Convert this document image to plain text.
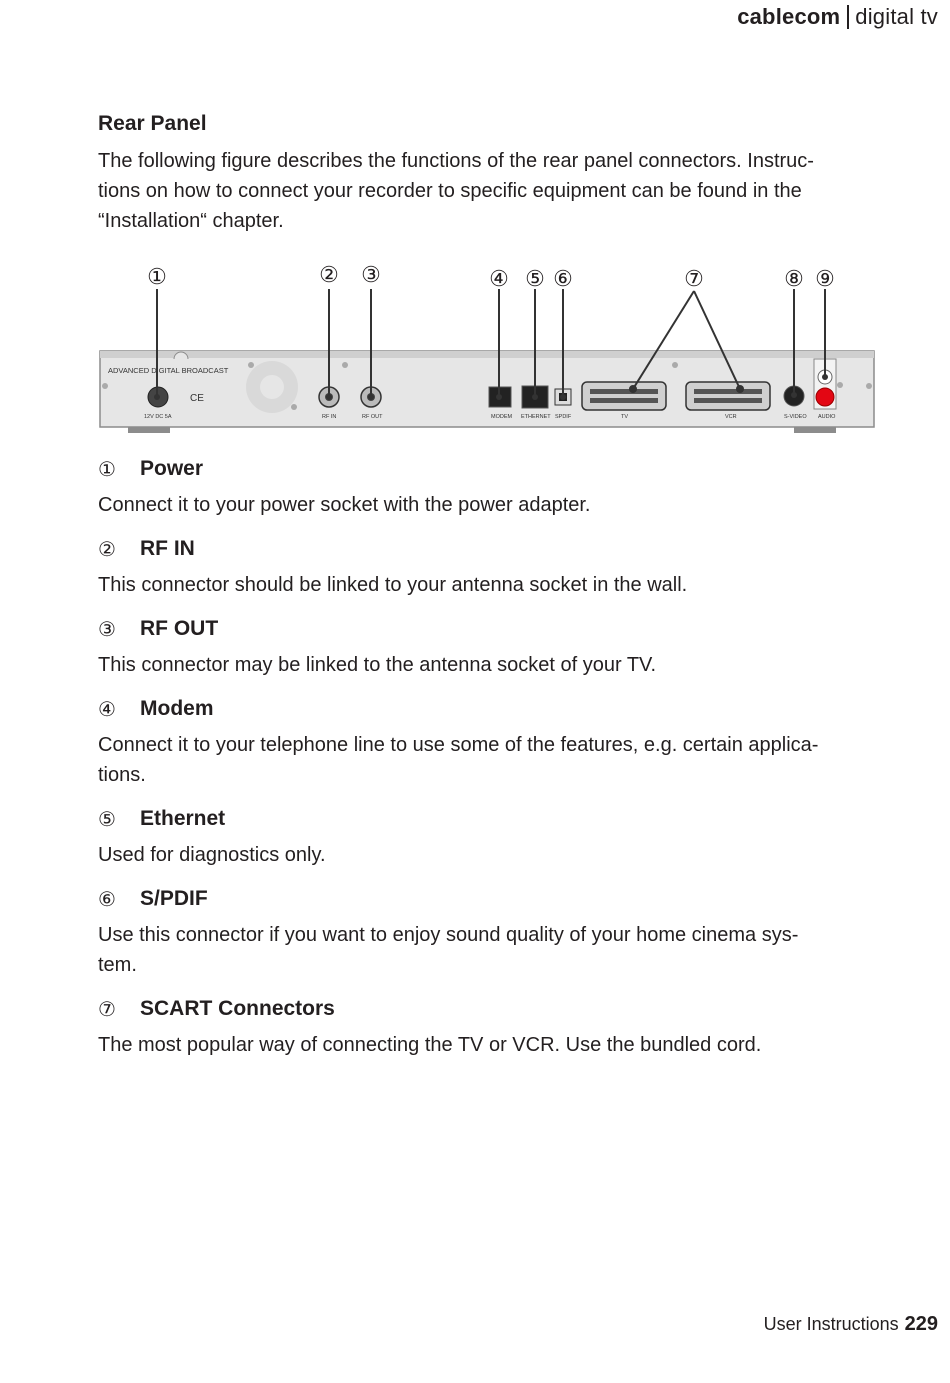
cablecom digital tv
Rear Panel
The following figure describes the functions of the rear panel connectors. Instruc-
tions on how to connect your recorder to specific equipment can be found in the
“Installation“ chapter.
ADVANCED DIGITAL BROADCAST
CE
12V DC 5A	RF IN	RF OUT	MODEM ETHERNET SPDIF	TV	VCR	S-VIDEO AUDIO
①	② ③	④ ⑤ ⑥	⑦	⑧ ⑨
①	Power
Connect it to your power socket with the power adapter.
②	RF IN
This connector should be linked to your antenna socket in the wall.
③	RF OUT
This connector may be linked to the antenna socket of your TV.
④	Modem
Connect it to your telephone line to use some of the features, e.g. certain applica-
tions.
⑤	Ethernet
Used for diagnostics only.
⑥	S/PDIF
Use this connector if you want to enjoy sound quality of your home cinema sys-
tem.
⑦	SCART Connectors
The most popular way of connecting the TV or VCR. Use the bundled cord.
User Instructions 229
